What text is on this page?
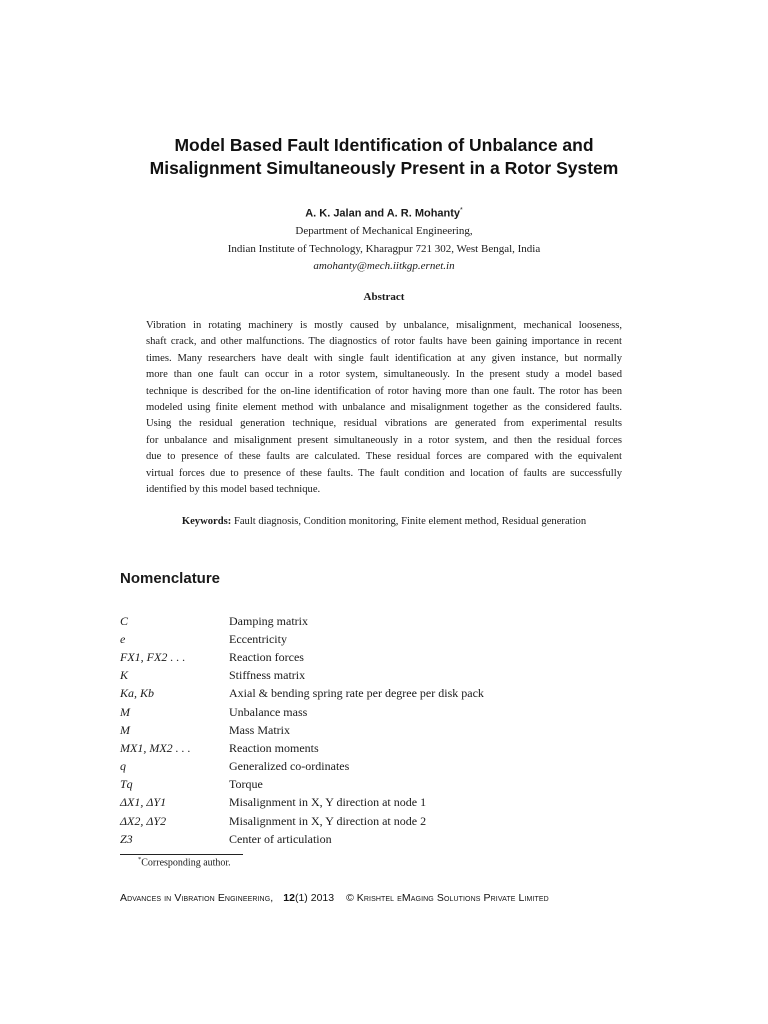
Model Based Fault Identification of Unbalance and
Misalignment Simultaneously Present in a Rotor System
A. K. Jalan and A. R. Mohanty*
Department of Mechanical Engineering,
Indian Institute of Technology, Kharagpur 721 302, West Bengal, India
amohanty@mech.iitkgp.ernet.in
Abstract
Vibration in rotating machinery is mostly caused by unbalance, misalignment, mechanical looseness,
shaft crack, and other malfunctions. The diagnostics of rotor faults have been gaining importance in recent
times. Many researchers have dealt with single fault identification at any given instance, but normally
more than one fault can occur in a rotor system, simultaneously. In the present study a model based
technique is described for the on-line identification of rotor having more than one fault. The rotor has been
modeled using finite element method with unbalance and misalignment together as the considered faults.
Using the residual generation technique, residual vibrations are generated from experimental results
for unbalance and misalignment present simultaneously in a rotor system, and then the residual forces
due to presence of these faults are calculated. These residual forces are compared with the equivalent
virtual forces due to presence of these faults. The fault condition and location of faults are successfully
identified by this model based technique.
Keywords: Fault diagnosis, Condition monitoring, Finite element method, Residual generation
Nomenclature
C	Damping matrix
e	Eccentricity
FX1, FX2 . . .	Reaction forces
K	Stiffness matrix
Ka, Kb	Axial & bending spring rate per degree per disk pack
M	Unbalance mass
M	Mass Matrix
MX1, MX2 . . .	Reaction moments
q	Generalized co-ordinates
Tq	Torque
ΔX1, ΔY1	Misalignment in X, Y direction at node 1
ΔX2, ΔY2	Misalignment in X, Y direction at node 2
Z3	Center of articulation
*Corresponding author.
Advances in Vibration Engineering, 12(1) 2013 © Krishtel eMaging Solutions Private Limited
